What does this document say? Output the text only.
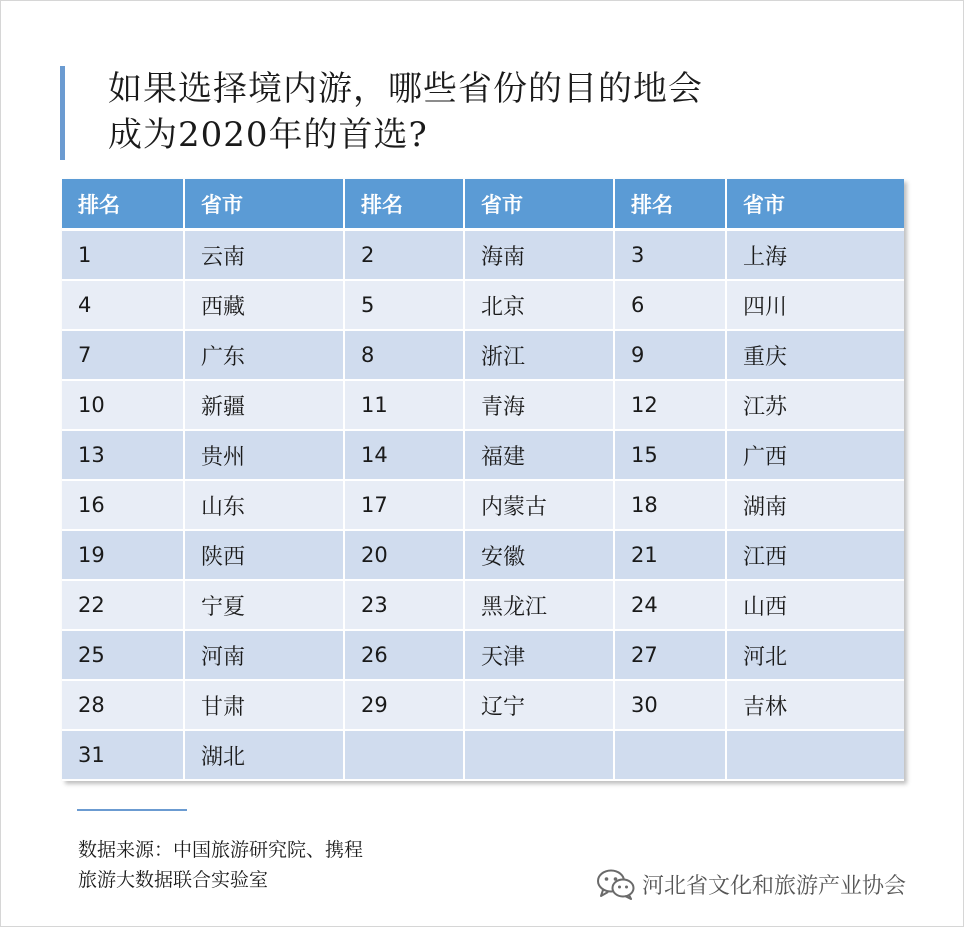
如果选择境内游，哪些省份的目的地会
成为2020年的首选?
排名	省市	排名	省市	排名	省市
1	云南	2	海南	3	上海
4	西藏	5	北京	6	四川
7	广东	8	浙江	9	重庆
10	新疆	11	青海	12	江苏
13	贵州	14	福建	15	广西
16	山东	17	内蒙古	18	湖南
19	陕西	20	安徽	21	江西
22	宁夏	23	黑龙江	24	山西
25	河南	26	天津	27	河北
28	甘肃	29	辽宁	30	吉林
31	湖北				
数据来源：中国旅游研究院、携程
旅游大数据联合实验室	河北省文化和旅游产业协会
